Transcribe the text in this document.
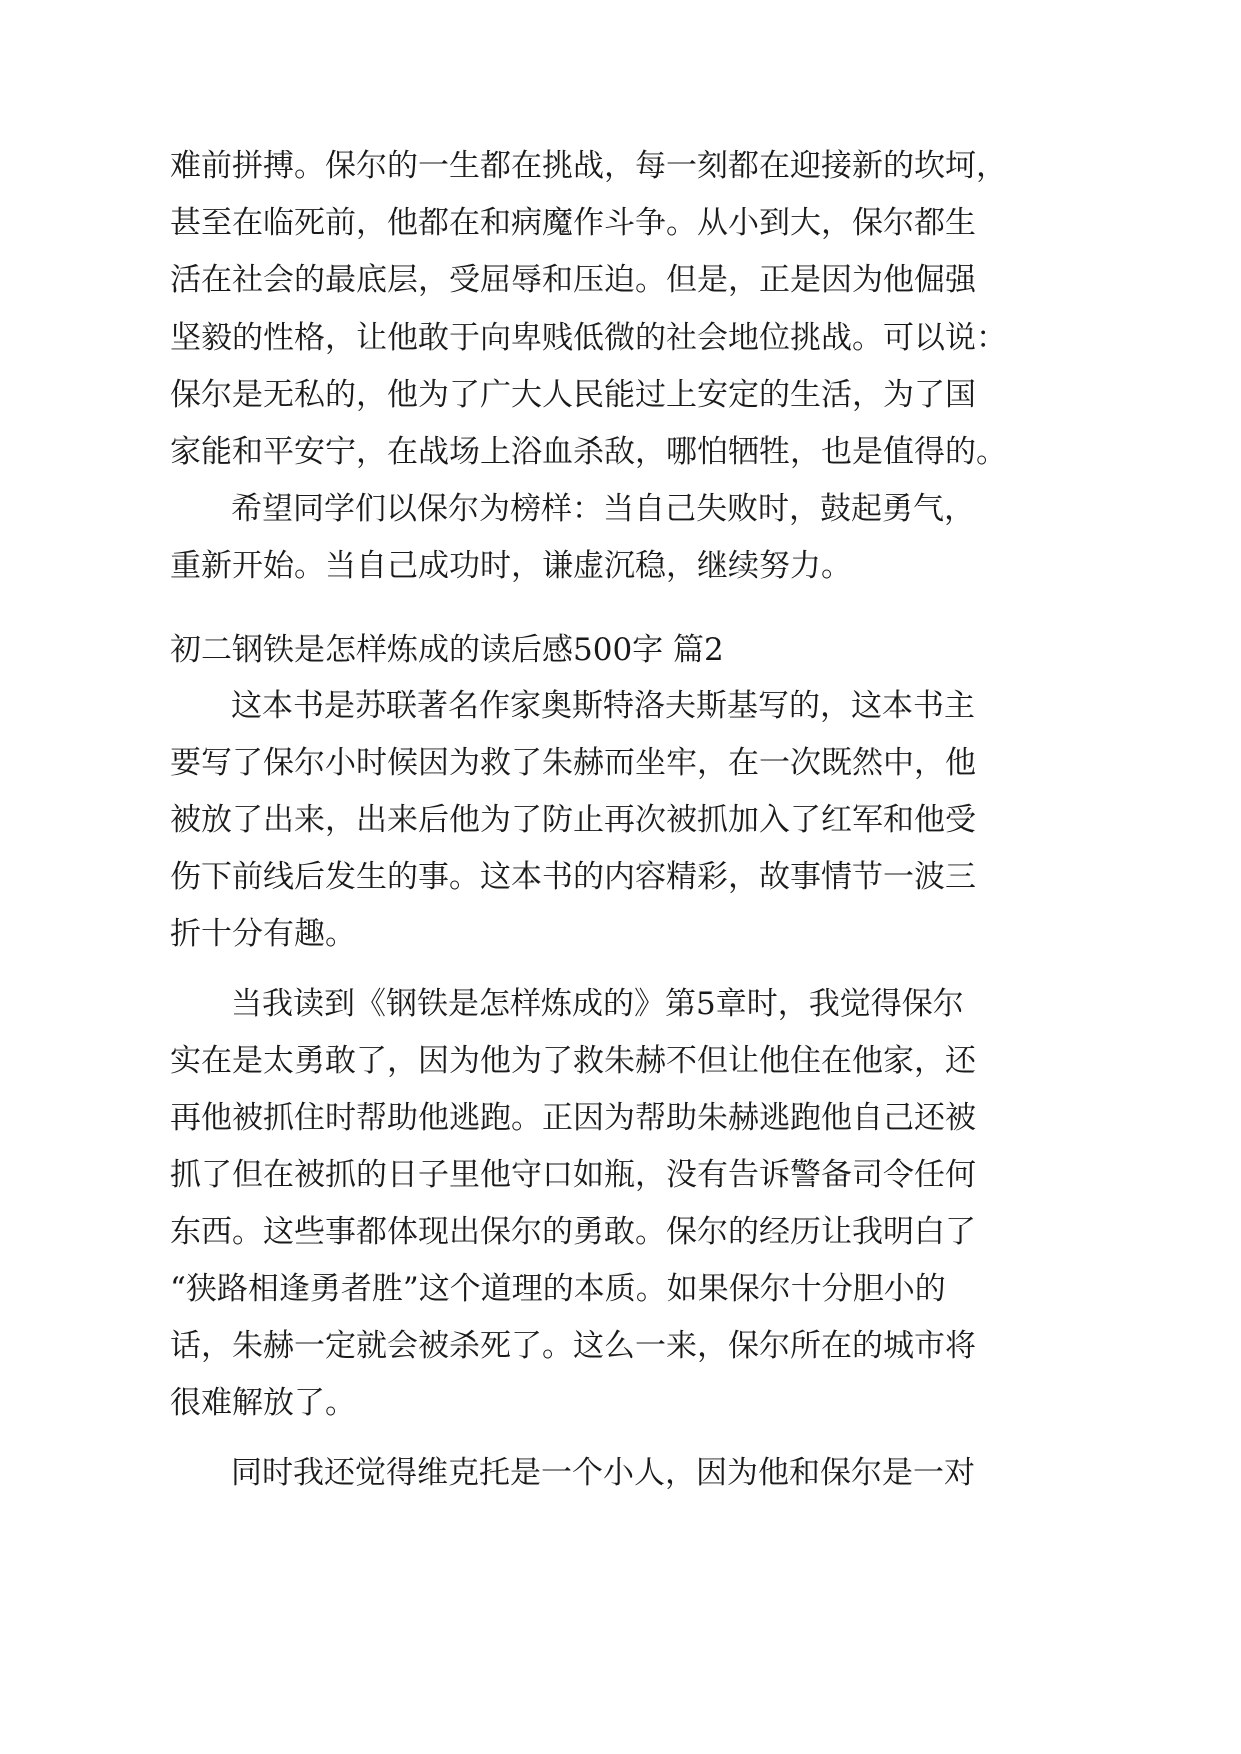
难前拼搏。保尔的一生都在挑战，每一刻都在迎接新的坎坷，
甚至在临死前，他都在和病魔作斗争。从小到大，保尔都生
活在社会的最底层，受屈辱和压迫。但是，正是因为他倔强
坚毅的性格，让他敢于向卑贱低微的社会地位挑战。可以说：
保尔是无私的，他为了广大人民能过上安定的生活，为了国
家能和平安宁，在战场上浴血杀敌，哪怕牺牲，也是值得的。
希望同学们以保尔为榜样：当自己失败时，鼓起勇气，
重新开始。当自己成功时，谦虚沉稳，继续努力。
初二钢铁是怎样炼成的读后感500字 篇2
这本书是苏联著名作家奥斯特洛夫斯基写的，这本书主
要写了保尔小时候因为救了朱赫而坐牢，在一次既然中，他
被放了出来，出来后他为了防止再次被抓加入了红军和他受
伤下前线后发生的事。这本书的内容精彩，故事情节一波三
折十分有趣。
当我读到《钢铁是怎样炼成的》第5章时，我觉得保尔
实在是太勇敢了，因为他为了救朱赫不但让他住在他家，还
再他被抓住时帮助他逃跑。正因为帮助朱赫逃跑他自己还被
抓了但在被抓的日子里他守口如瓶，没有告诉警备司令任何
东西。这些事都体现出保尔的勇敢。保尔的经历让我明白了
“狭路相逢勇者胜”这个道理的本质。如果保尔十分胆小的
话，朱赫一定就会被杀死了。这么一来，保尔所在的城市将
很难解放了。
同时我还觉得维克托是一个小人，因为他和保尔是一对
